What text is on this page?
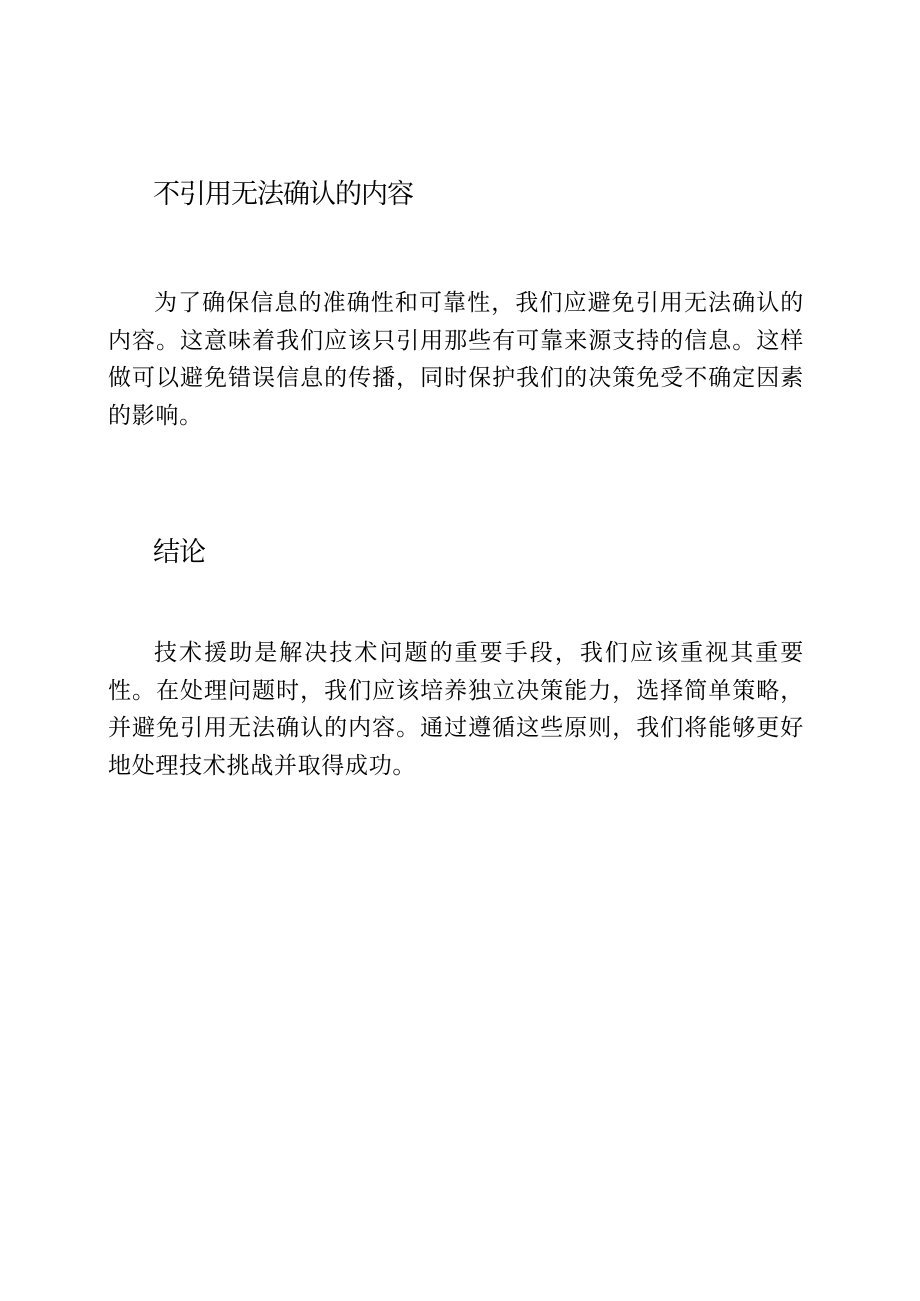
不引用无法确认的内容

为了确保信息的准确性和可靠性，我们应避免引用无法确认的内容。这意味着我们应该只引用那些有可靠来源支持的信息。这样做可以避免错误信息的传播，同时保护我们的决策免受不确定因素的影响。

结论

技术援助是解决技术问题的重要手段，我们应该重视其重要性。在处理问题时，我们应该培养独立决策能力，选择简单策略，并避免引用无法确认的内容。通过遵循这些原则，我们将能够更好地处理技术挑战并取得成功。
